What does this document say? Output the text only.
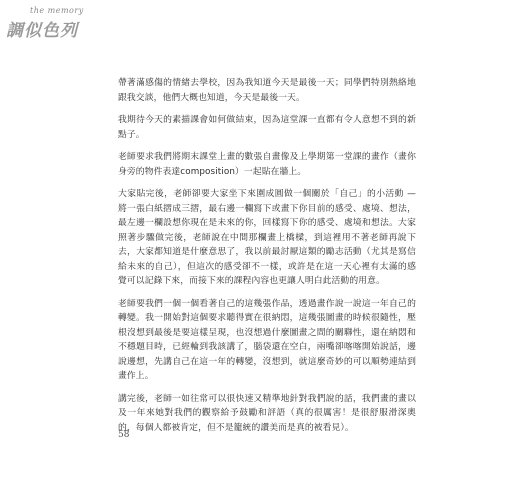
the memory
調似色列

帶著滿感傷的情緒去學校，因為我知道今天是最後一天；同學們特別熱絡地跟我交談，他們大概也知道，今天是最後一天。

我期待今天的素描課會如何做結束，因為這堂課一直都有令人意想不到的新點子。

老師要求我們將期末課堂上畫的數張自畫像及上學期第一堂課的畫作（畫你身旁的物件表達composition）一起貼在牆上。

大家貼完後，老師卻要大家坐下來圍成圓做一個關於「自己」的小活動 — 將一張白紙摺成三摺，最右邊一欄寫下或畫下你目前的感受、處境、想法，最左邊一欄設想你現在是未來的你，回樣寫下你的感受、處境和想法。大家照著步驟做完後，老師說在中間那欄畫上橋樑，到這裡用不著老師再說下去，大家都知道是什麼意思了，我以前最討厭這類的勵志活動（尤其是寫信給未來的自己），但這次的感受卻不一樣，或許是在這一天心裡有太滿的感覺可以記錄下來，而接下來的課程內容也更讓人明白此活動的用意。

老師要我們一個一個看著自己的這幾張作品，透過畫作說一說這一年自己的轉變。我一開始對這個要求聽得實在很納悶，這幾張圖畫的時候很隨性，壓根沒想到最後是要這樣呈現，也沒想過什麼圖畫之間的關聯性，還在納悶和不穩題目時，已經輪到我該講了，腦袋還在空白，兩嘴卻喀喀開始說話，邊說邊想，先講自己在這一年的轉變，沒想到，就這麼奇妙的可以順勢連結到畫作上。

講完後，老師一如往常可以很快速又精準地針對我們說的話，我們畫的畫以及一年來她對我們的觀察給予鼓勵和評語（真的很厲害！是很舒服滑深奧的，每個人都被肯定，但不是籠統的讚美而是真的被看見）。

58
